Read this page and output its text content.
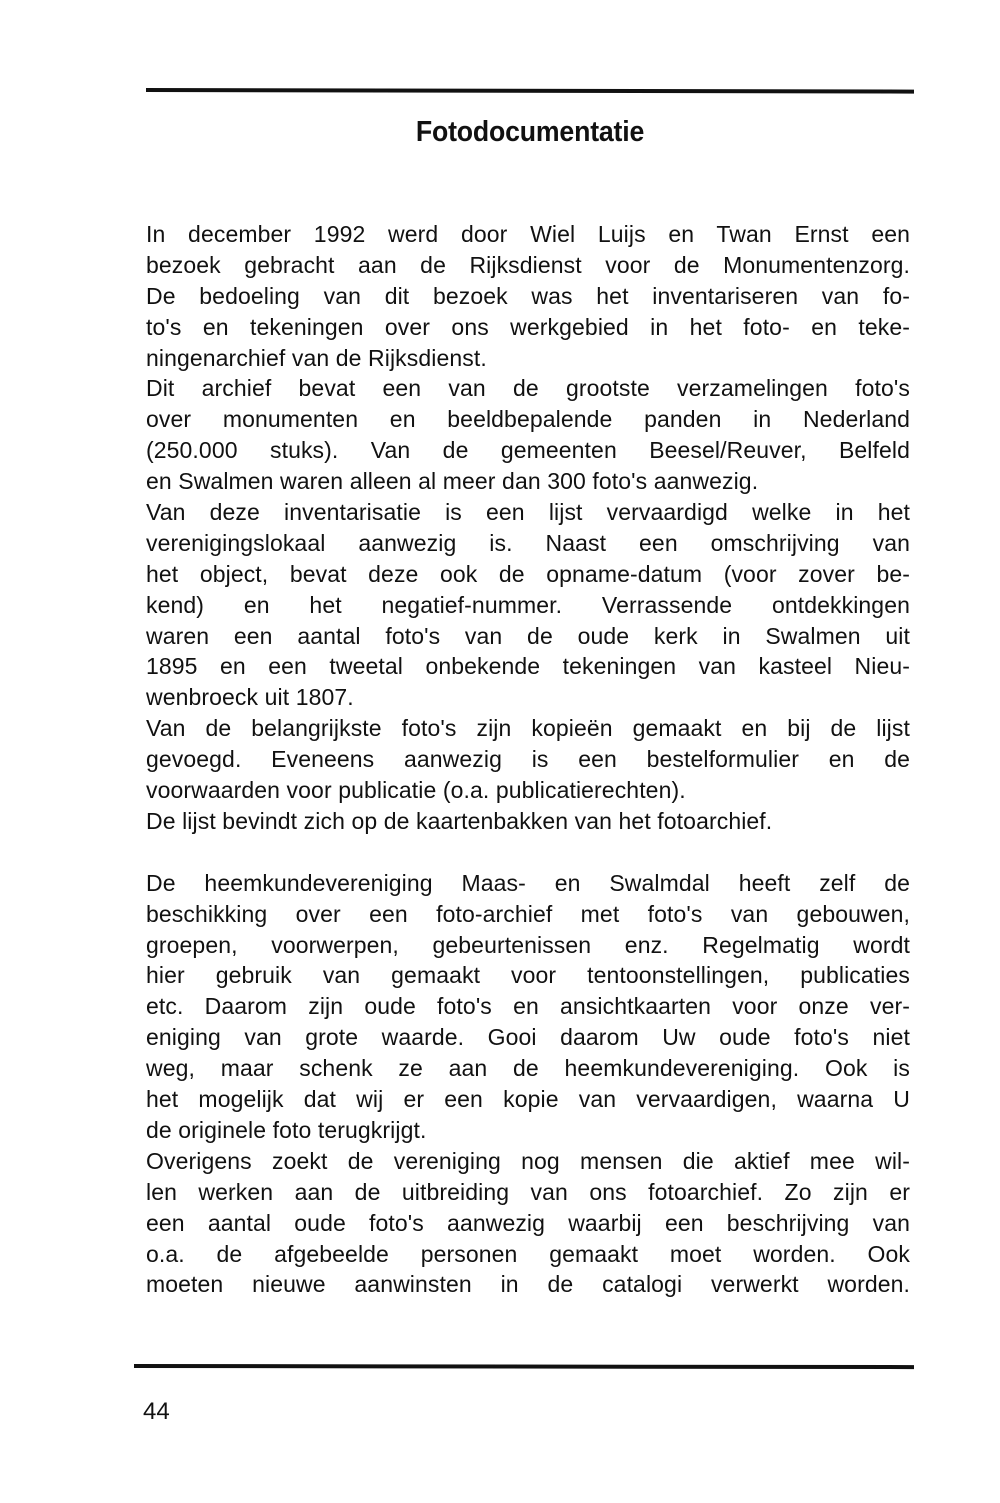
Fotodocumentatie

In december 1992 werd door Wiel Luijs en Twan Ernst een
bezoek gebracht aan de Rijksdienst voor de Monumentenzorg.
De bedoeling van dit bezoek was het inventariseren van fo-
to's en tekeningen over ons werkgebied in het foto- en teke-
ningenarchief van de Rijksdienst.

Dit archief bevat een van de grootste verzamelingen foto's
over monumenten en beeldbepalende panden in Nederland
(250.000 stuks). Van de gemeenten Beesel/Reuver, Belfeld
en Swalmen waren alleen al meer dan 300 foto's aanwezig.

Van deze inventarisatie is een lijst vervaardigd welke in het
verenigingslokaal aanwezig is. Naast een omschrijving van
het object, bevat deze ook de opname-datum (voor zover be-
kend) en het negatief-nummer. Verrassende ontdekkingen
waren een aantal foto's van de oude kerk in Swalmen uit
1895 en een tweetal onbekende tekeningen van kasteel Nieu-
wenbroeck uit 1807.

Van de belangrijkste foto's zijn kopieën gemaakt en bij de lijst
gevoegd. Eveneens aanwezig is een bestelformulier en de
voorwaarden voor publicatie (o.a. publicatierechten).

De lijst bevindt zich op de kaartenbakken van het fotoarchief.

De heemkundevereniging Maas- en Swalmdal heeft zelf de
beschikking over een foto-archief met foto's van gebouwen,
groepen, voorwerpen, gebeurtenissen enz. Regelmatig wordt
hier gebruik van gemaakt voor tentoonstellingen, publicaties
etc. Daarom zijn oude foto's en ansichtkaarten voor onze ver-
eniging van grote waarde. Gooi daarom Uw oude foto's niet
weg, maar schenk ze aan de heemkundevereniging. Ook is
het mogelijk dat wij er een kopie van vervaardigen, waarna U
de originele foto terugkrijgt.

Overigens zoekt de vereniging nog mensen die aktief mee wil-
len werken aan de uitbreiding van ons fotoarchief. Zo zijn er
een aantal oude foto's aanwezig waarbij een beschrijving van
o.a. de afgebeelde personen gemaakt moet worden. Ook
moeten nieuwe aanwinsten in de catalogi verwerkt worden.

44
